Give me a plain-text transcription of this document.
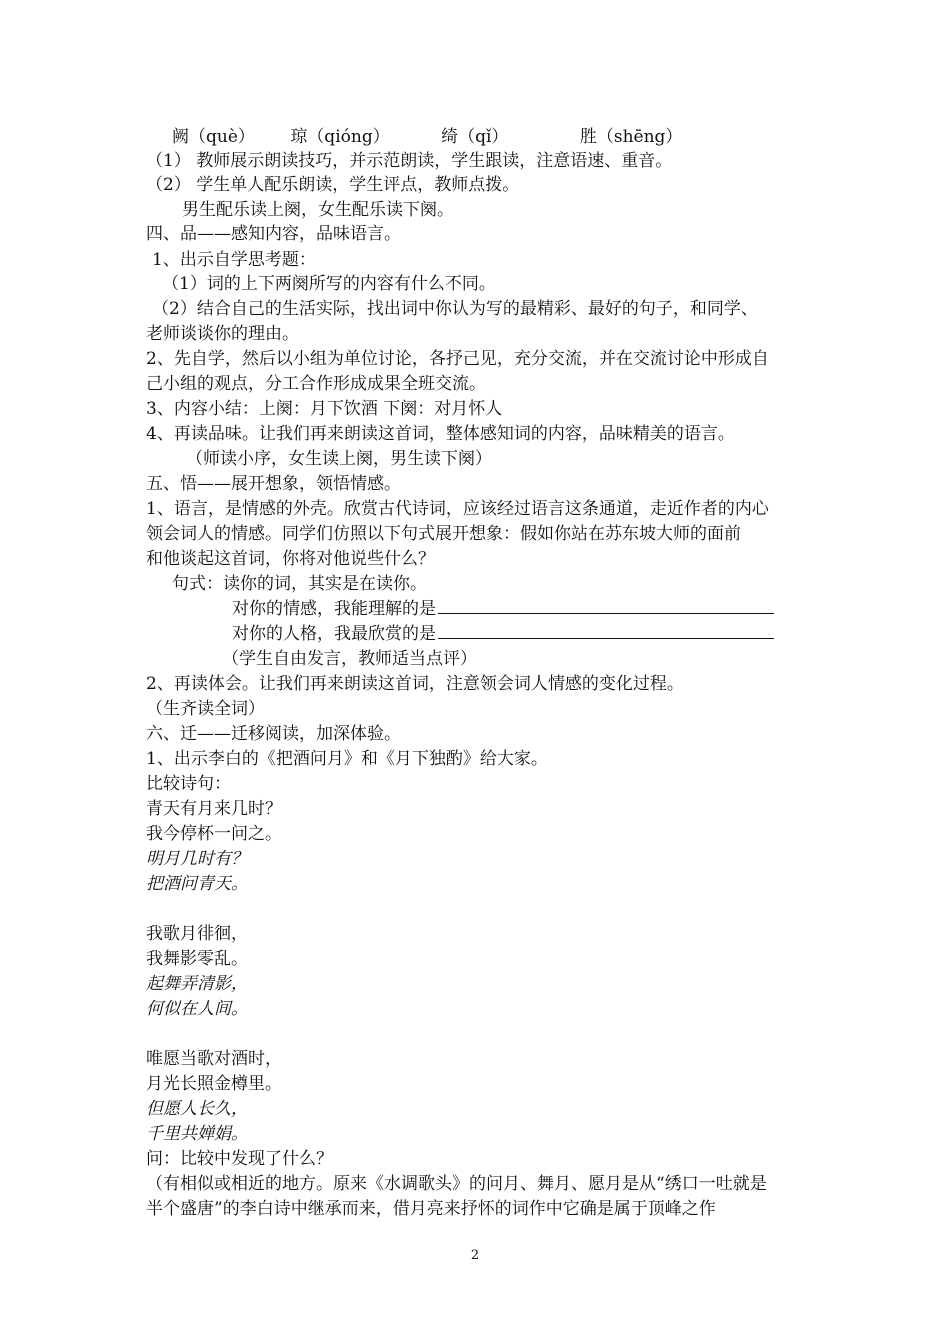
阙（què） 琼（qióng）	绮（qǐ）	胜（shēng）
（1） 教师展示朗读技巧，并示范朗读，学生跟读，注意语速、重音。
（2） 学生单人配乐朗读，学生评点，教师点拨。
男生配乐读上阕，女生配乐读下阕。
四、品——感知内容，品味语言。
1、出示自学思考题：
（1）词的上下两阕所写的内容有什么不同。
（2）结合自己的生活实际，找出词中你认为写的最精彩、最好的句子，和同学、
老师谈谈你的理由。
2、先自学，然后以小组为单位讨论，各抒己见，充分交流，并在交流讨论中形成自
己小组的观点，分工合作形成成果全班交流。
3、内容小结：上阕：月下饮酒 下阕：对月怀人
4、再读品味。让我们再来朗读这首词，整体感知词的内容，品味精美的语言。
（师读小序，女生读上阕，男生读下阕）
五、悟——展开想象，领悟情感。
1、语言，是情感的外壳。欣赏古代诗词，应该经过语言这条通道，走近作者的内心
领会词人的情感。同学们仿照以下句式展开想象：假如你站在苏东坡大师的面前
和他谈起这首词，你将对他说些什么？
句式：读你的词，其实是在读你。
对你的情感，我能理解的是
对你的人格，我最欣赏的是
（学生自由发言，教师适当点评）
2、再读体会。让我们再来朗读这首词，注意领会词人情感的变化过程。
（生齐读全词）
六、迁——迁移阅读，加深体验。
1、出示李白的《把酒问月》和《月下独酌》给大家。
比较诗句：
青天有月来几时？
我今停杯一问之。
明月几时有？
把酒问青天。
我歌月徘徊，
我舞影零乱。
起舞弄清影，
何似在人间。
唯愿当歌对酒时，
月光长照金樽里。
但愿人长久，
千里共婵娟。
问：比较中发现了什么？
（有相似或相近的地方。原来《水调歌头》的问月、舞月、愿月是从“绣口一吐就是
半个盛唐”的李白诗中继承而来，借月亮来抒怀的词作中它确是属于顶峰之作
2
